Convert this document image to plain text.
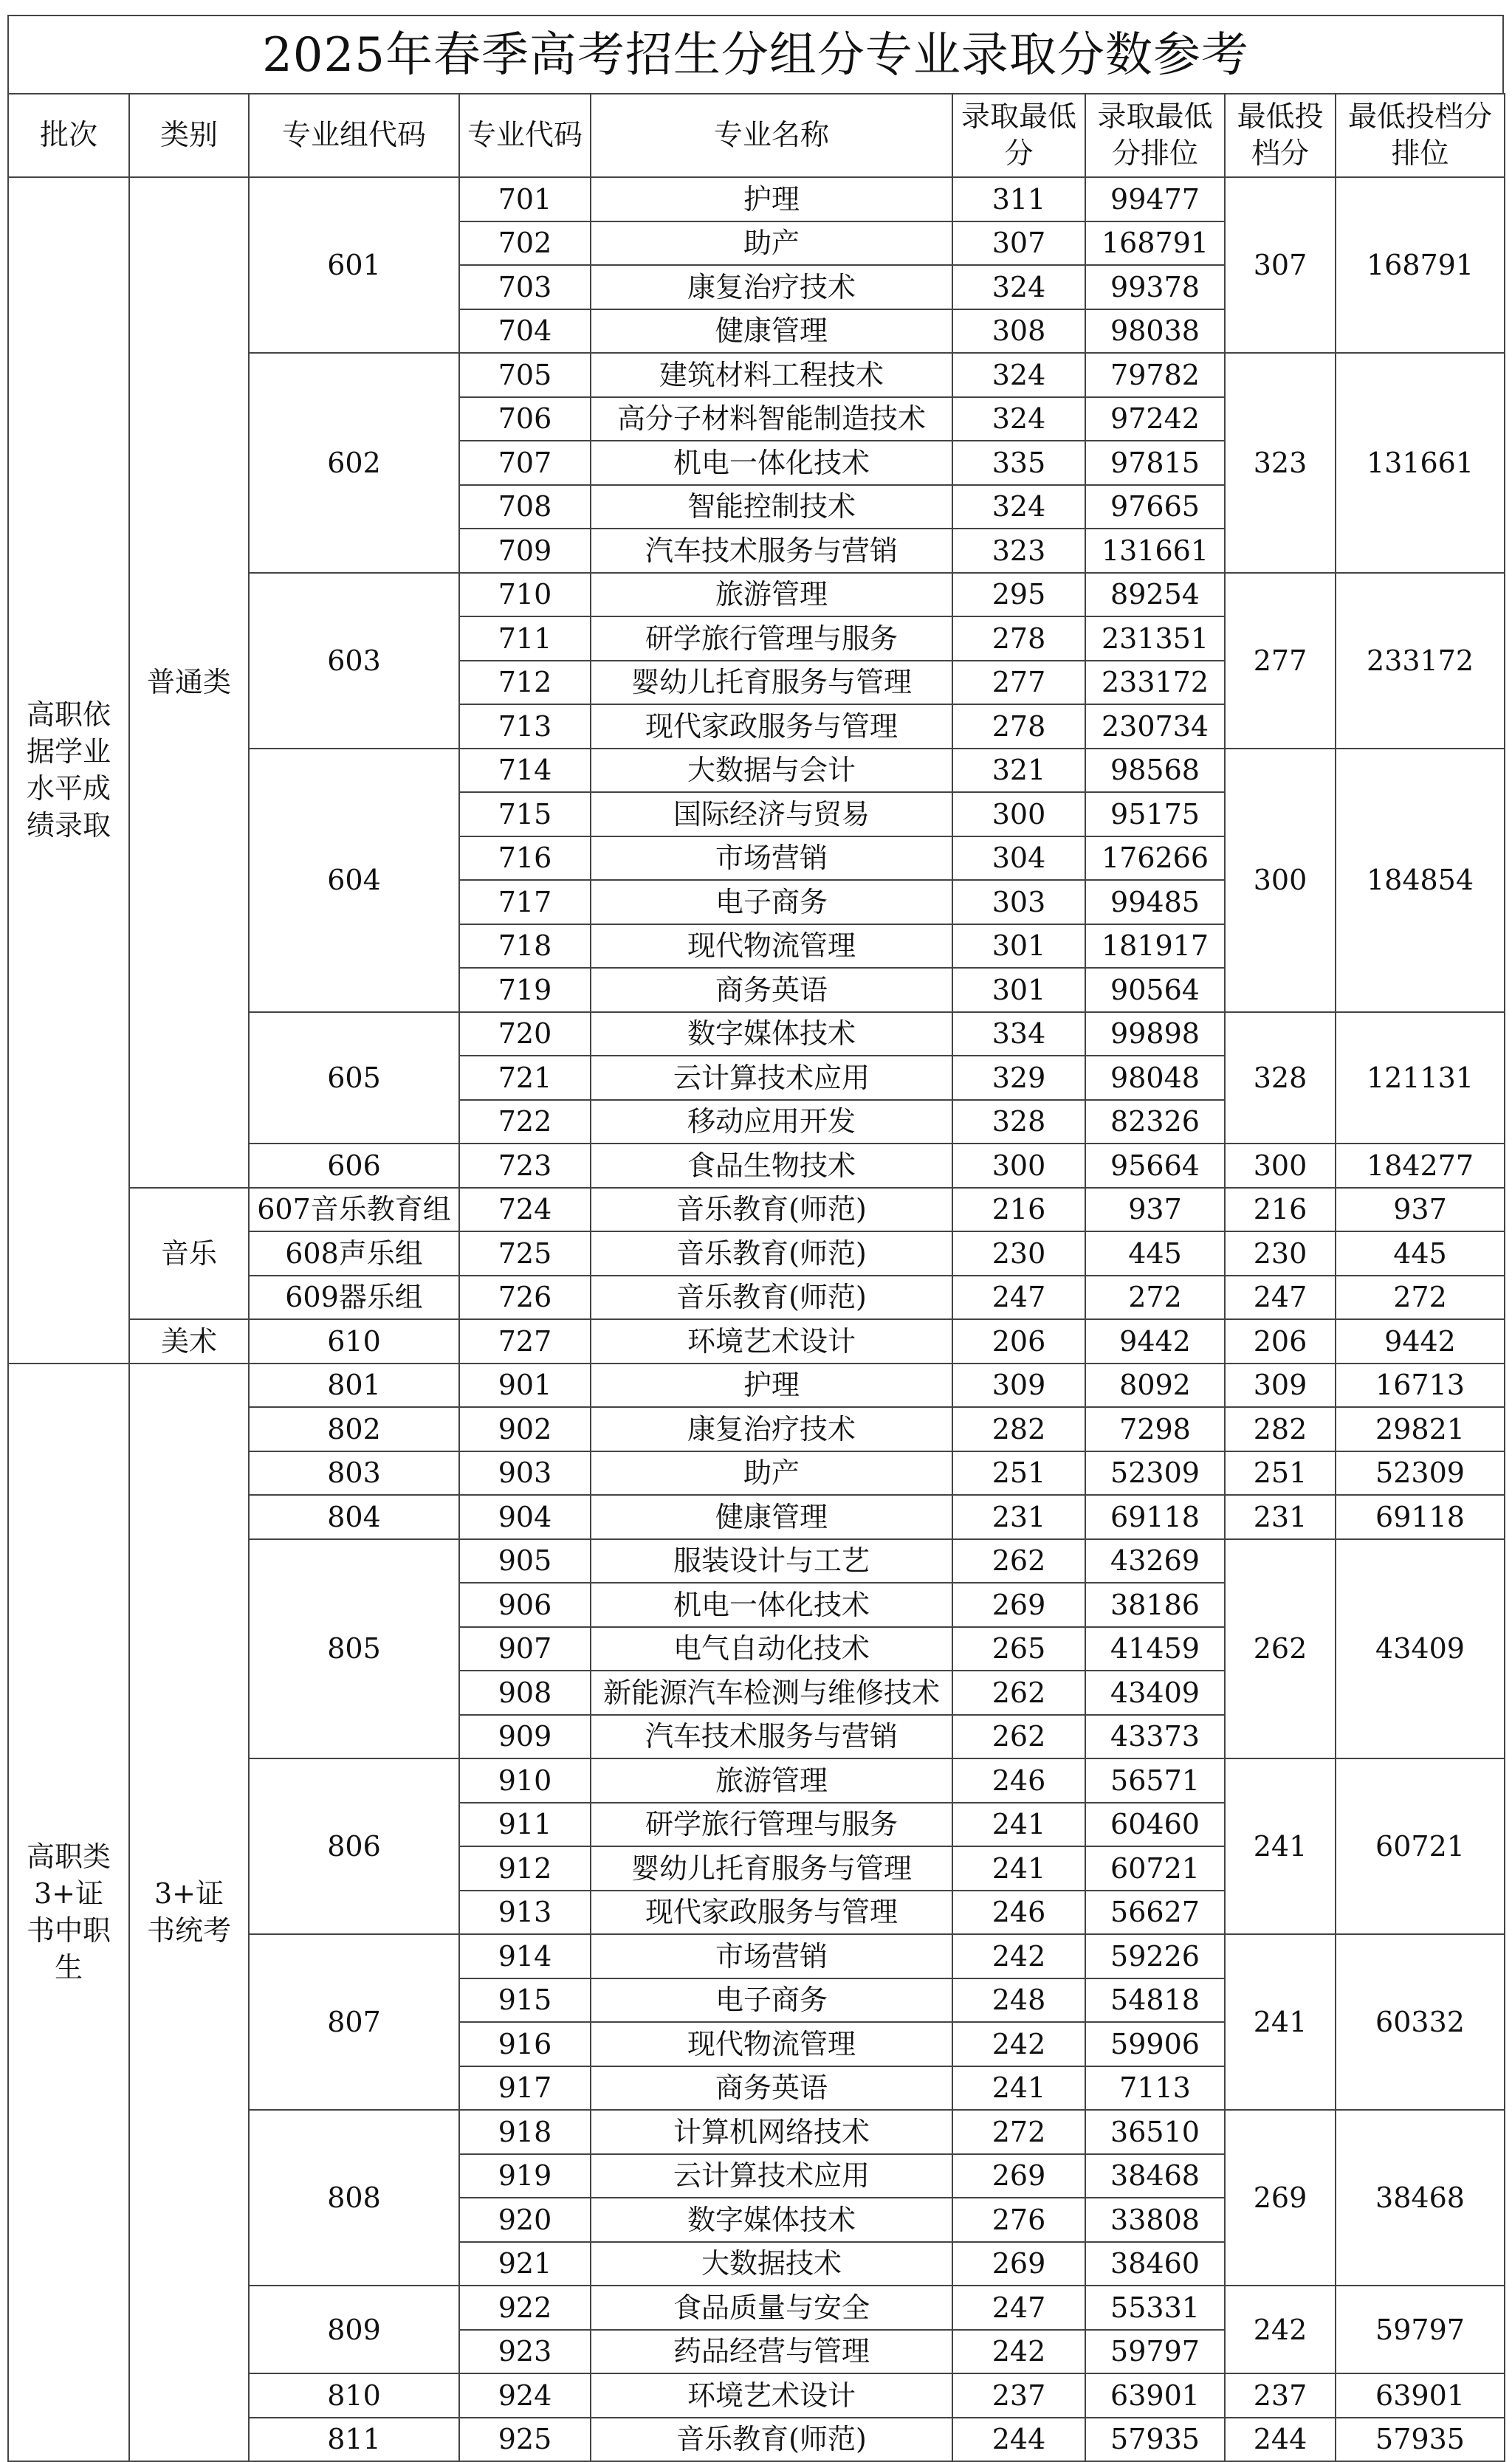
2025年春季高考招生分组分专业录取分数参考
批次	类别	专业组代码	专业代码	专业名称	录取最低分	录取最低分排位	最低投档分	最低投档分排位
高职依据学业水平成绩录取	普通类	601	701	护理	311	99477	307	168791
			702	助产	307	168791		
			703	康复治疗技术	324	99378		
			704	健康管理	308	98038		
		602	705	建筑材料工程技术	324	79782	323	131661
			706	高分子材料智能制造技术	324	97242		
			707	机电一体化技术	335	97815		
			708	智能控制技术	324	97665		
			709	汽车技术服务与营销	323	131661		
		603	710	旅游管理	295	89254	277	233172
			711	研学旅行管理与服务	278	231351		
			712	婴幼儿托育服务与管理	277	233172		
			713	现代家政服务与管理	278	230734		
		604	714	大数据与会计	321	98568	300	184854
			715	国际经济与贸易	300	95175		
			716	市场营销	304	176266		
			717	电子商务	303	99485		
			718	现代物流管理	301	181917		
			719	商务英语	301	90564		
		605	720	数字媒体技术	334	99898	328	121131
			721	云计算技术应用	329	98048		
			722	移动应用开发	328	82326		
		606	723	食品生物技术	300	95664	300	184277
	音乐	607音乐教育组	724	音乐教育(师范)	216	937	216	937
		608声乐组	725	音乐教育(师范)	230	445	230	445
		609器乐组	726	音乐教育(师范)	247	272	247	272
	美术	610	727	环境艺术设计	206	9442	206	9442
高职类3+证书中职生	3+证书统考	801	901	护理	309	8092	309	16713
		802	902	康复治疗技术	282	7298	282	29821
		803	903	助产	251	52309	251	52309
		804	904	健康管理	231	69118	231	69118
		805	905	服装设计与工艺	262	43269	262	43409
			906	机电一体化技术	269	38186		
			907	电气自动化技术	265	41459		
			908	新能源汽车检测与维修技术	262	43409		
			909	汽车技术服务与营销	262	43373		
		806	910	旅游管理	246	56571	241	60721
			911	研学旅行管理与服务	241	60460		
			912	婴幼儿托育服务与管理	241	60721		
			913	现代家政服务与管理	246	56627		
		807	914	市场营销	242	59226	241	60332
			915	电子商务	248	54818		
			916	现代物流管理	242	59906		
			917	商务英语	241	7113		
		808	918	计算机网络技术	272	36510	269	38468
			919	云计算技术应用	269	38468		
			920	数字媒体技术	276	33808		
			921	大数据技术	269	38460		
		809	922	食品质量与安全	247	55331	242	59797
			923	药品经营与管理	242	59797		
		810	924	环境艺术设计	237	63901	237	63901
		811	925	音乐教育(师范)	244	57935	244	57935
